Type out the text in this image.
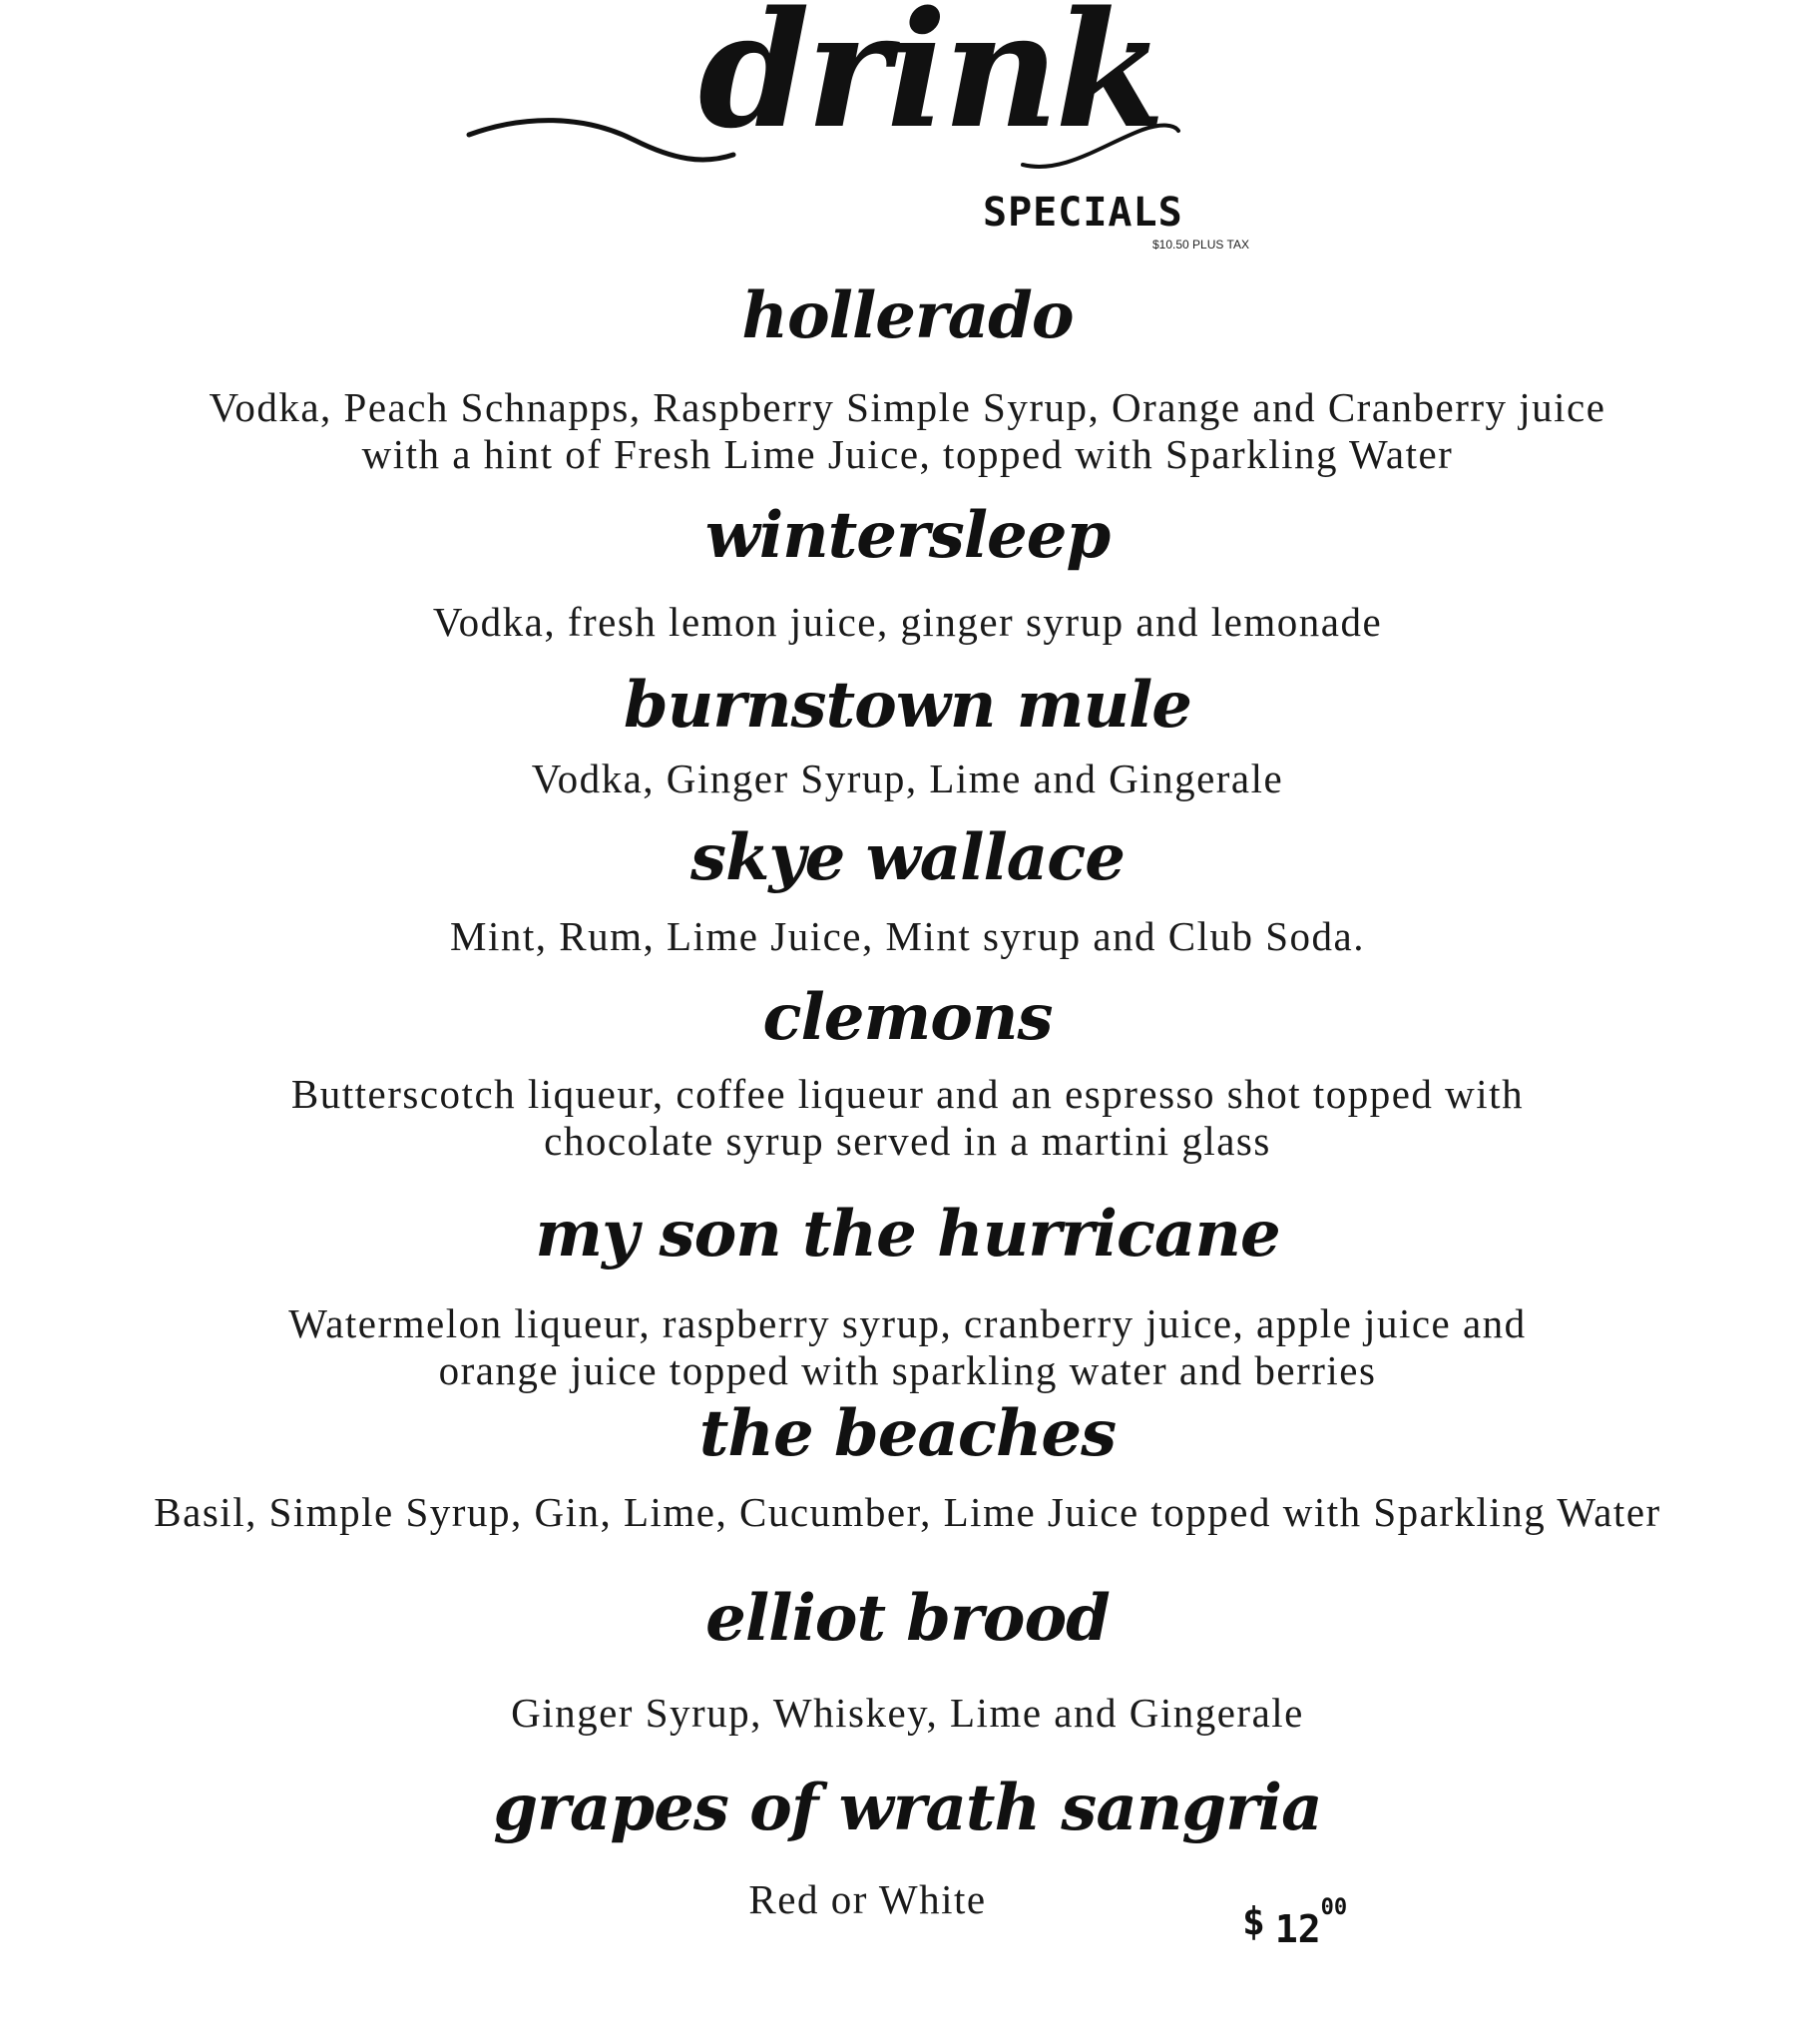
drink
SPECIALS
$10.50 PLUS TAX
hollerado
Vodka, Peach Schnapps, Raspberry Simple Syrup, Orange and Cranberry juice
with a hint of Fresh Lime Juice, topped with Sparkling Water
wintersleep
Vodka, fresh lemon juice, ginger syrup and lemonade
burnstown mule
Vodka, Ginger Syrup, Lime and Gingerale
skye wallace
Mint, Rum, Lime Juice, Mint syrup and Club Soda.
clemons
Butterscotch liqueur, coffee liqueur and an espresso shot topped with
chocolate syrup served in a martini glass
my son the hurricane
Watermelon liqueur, raspberry syrup, cranberry juice, apple juice and
orange juice topped with sparkling water and berries
the beaches
Basil, Simple Syrup, Gin, Lime, Cucumber, Lime Juice topped with Sparkling Water
elliot brood
Ginger Syrup, Whiskey, Lime and Gingerale
grapes of wrath sangria
Red or White	$ 1200
